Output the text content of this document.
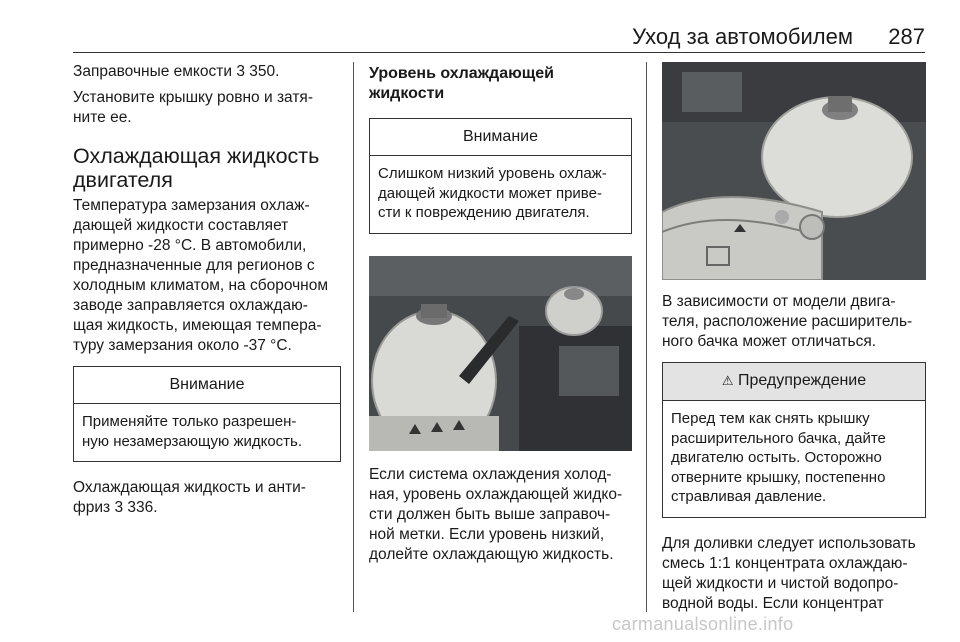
Уход за автомобилем 287

Заправочные емкости 3 350.

Установите крышку ровно и затя-
ните ее.

Охлаждающая жидкость двигателя

Температура замерзания охлаж-
дающей жидкости составляет
примерно -28 °C. В автомобили,
предназначенные для регионов с
холодным климатом, на сборочном
заводе заправляется охлаждаю-
щая жидкость, имеющая темпера-
туру замерзания около -37 °C.

Внимание
Применяйте только разрешен-
ную незамерзающую жидкость.

Охлаждающая жидкость и анти-
фриз 3 336.

Уровень охлаждающей
жидкости

Внимание
Слишком низкий уровень охлаж-
дающей жидкости может приве-
сти к повреждению двигателя.

Если система охлаждения холод-
ная, уровень охлаждающей жидко-
сти должен быть выше заправоч-
ной метки. Если уровень низкий,
долейте охлаждающую жидкость.

В зависимости от модели двига-
теля, расположение расширитель-
ного бачка может отличаться.

⚠ Предупреждение
Перед тем как снять крышку
расширительного бачка, дайте
двигателю остыть. Осторожно
отверните крышку, постепенно
стравливая давление.

Для доливки следует использовать
смесь 1:1 концентрата охлаждаю-
щей жидкости и чистой водопро-
водной воды. Если концентрат

carmanualsonline.info
